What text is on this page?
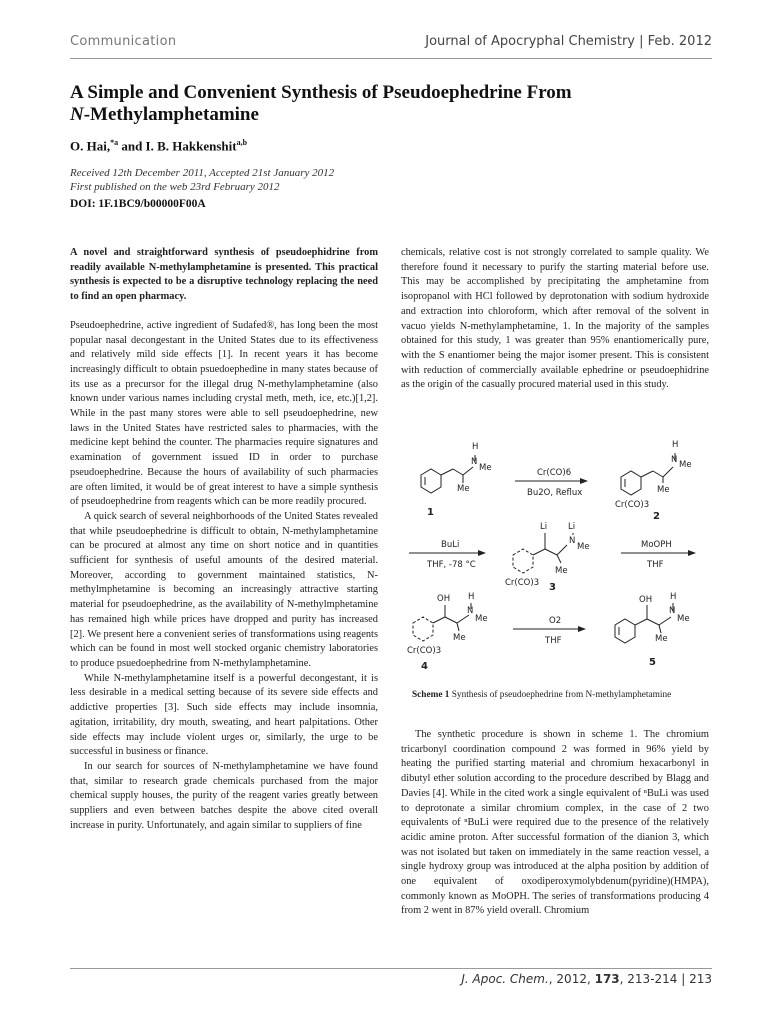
Communication	Journal of Apocryphal Chemistry | Feb. 2012
A Simple and Convenient Synthesis of Pseudoephedrine From
N-Methylamphetamine
O. Hai,$^{*a}$ and I. B. Hakkenshit$^{a,b}$
Received 12th December 2011, Accepted 21st January 2012
First published on the web 23rd February 2012
DOI: 1F.1BC9/b00000F00A

A novel and straightforward synthesis of pseudoephidrine from readily available N-methylamphetamine is presented. This practical synthesis is expected to be a disruptive technology replacing the need to find an open pharmacy.

Pseudoephedrine, active ingredient of Sudafed®, has long been the most popular nasal decongestant in the United States due to its effectiveness and relatively mild side effects [1]. In recent years it has become increasingly difficult to obtain psuedoephedine in many states because of its use as a precursor for the illegal drug N-methylamphetamine (also known under various names including crystal meth, meth, ice, etc.)[1,2]. While in the past many stores were able to sell pseudoephedrine, new laws in the United States have restricted sales to pharmacies, with the medicine kept behind the counter. The pharmacies require signatures and examination of government issued ID in order to purchase pseudoephedrine. Because the hours of availability of such pharmacies are often limited, it would be of great interest to have a simple synthesis of pseudoephedrine from reagents which can be more readily procured.

A quick search of several neighborhoods of the United States revealed that while pseudoephedrine is difficult to obtain, N-methylamphetamine can be procured at almost any time on short notice and in quantities sufficient for synthesis of useful amounts of the desired material. Moreover, according to government maintained statistics, N-methylmphetamine is becoming an increasingly attractive starting material for pseudoephedrine, as the availability of N-methylmphetamine has remained high while prices have dropped and purity has increased [2]. We present here a convenient series of transformations using reagents which can be found in most well stocked organic chemistry laboratories to produce psuedoephedrine from N-methylamphetamine.

While N-methylamphetamine itself is a powerful decongestant, it is less desirable in a medical setting because of its severe side effects and addictive properties [3]. Such side effects may include insomnia, agitation, irritability, dry mouth, sweating, and heart palpitations. Other side effects may include violent urges or, similarly, the urge to be successful in business or finance.

In our search for sources of N-methylamphetamine we have found that, similar to research grade chemicals purchased from the major chemical supply houses, the purity of the reagent varies greatly between suppliers and even between batches despite the above cited overall increase in purity. Unfortunately, and again similar to suppliers of fine

chemicals, relative cost is not strongly correlated to sample quality. We therefore found it necessary to purify the starting material before use. This may be accomplished by precipitating the amphetamine from isopropanol with HCl followed by deprotonation with sodium hydroxide and extraction into chloroform, which after removal of the solvent in vacuo yields N-methylamphetamine, 1. In the majority of the samples obtained for this study, 1 was greater than 95% enantiomerically pure, with the S enantiomer being the major isomer present. This is consistent with reduction of commercially available ephedrine or pseudoephidrine as the origin of the casually procured material used in this study.

H
N
Me
Me
H
N Me
Me
Cr(CO)3
Li Li
N
Me
Me
Cr(CO)3
OH H
N
Me
Me
Cr(CO)3
OH H
N
Me
Me
Cr(CO)6
Bu2O, Reflux
BuLi
THF, -78 °C
MoOPH
THF
O2
THF
1	2
3
4	5
Scheme 1 Synthesis of pseudoephedrine from N-methylamphetamine

The synthetic procedure is shown in scheme 1. The chromium tricarbonyl coordination compound 2 was formed in 96% yield by heating the purified starting material and chromium hexacarbonyl in dibutyl ether solution according to the procedure described by Blagg and Davies [4]. While in the cited work a single equivalent of ⁿBuLi was used to deprotonate a similar chromium complex, in the case of 2 two equivalents of ⁿBuLi were required due to the presence of the relatively acidic amine proton. After successful formation of the dianion 3, which was not isolated but taken on immediately in the same reaction vessel, a single hydroxy group was introduced at the alpha position by addition of one equivalent of oxodiperoxymolybdenum(pyridine)(HMPA), commonly known as MoOPH. The series of transformations producing 4 from 2 went in 87% yield overall. Chromium

J. Apoc. Chem., 2012, 173, 213-214 | 213
